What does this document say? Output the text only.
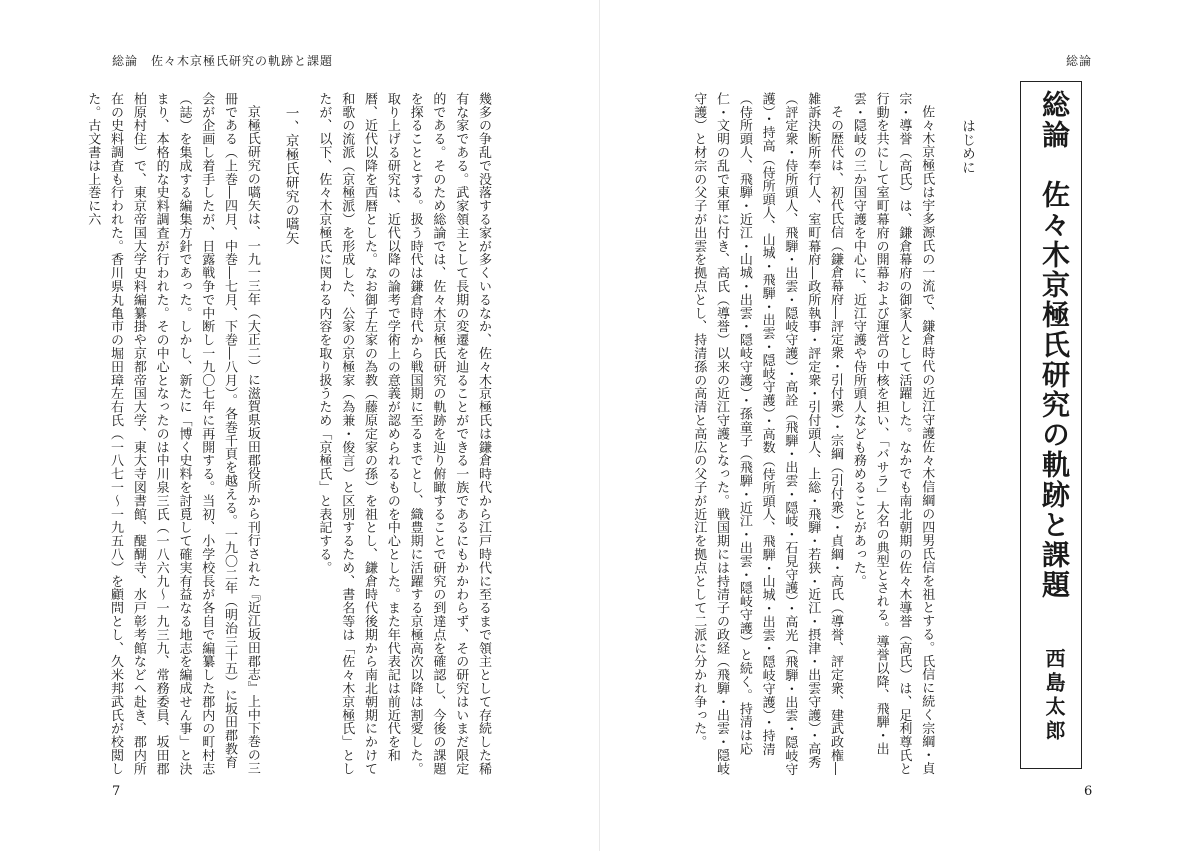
総論　佐々木京極氏研究の軌跡と課題
7
総論
6

はじめに

佐々木京極氏は宇多源氏の一流で、鎌倉時代の近江守護佐々木信綱の四男氏信を祖とする。氏信に続く宗綱・貞宗・導誉（高氏）は、鎌倉幕府の御家人として活躍した。なかでも南北朝期の佐々木導誉（高氏）は、足利尊氏と行動を共にして室町幕府の開幕および運営の中核を担い、「バサラ」大名の典型とされる。導誉以降、飛騨・出雲・隠岐の三か国守護を中心に、近江守護や侍所頭人なども務めることがあった。

その歴代は、初代氏信（鎌倉幕府―評定衆・引付衆）・宗綱（引付衆）・貞綱・高氏（導誉、評定衆、建武政権―雑訴決断所奉行人、室町幕府―政所執事・評定衆・引付頭人、上総・飛騨・若狭・近江・摂津・出雲守護）・高秀（評定衆・侍所頭人、飛騨・出雲・隠岐守護）・高詮（飛騨・出雲・隠岐・石見守護）・高光（飛騨・出雲・隠岐守護）・持高（侍所頭人、山城・飛騨・出雲・隠岐守護）・高数（侍所頭人、飛騨・山城・出雲・隠岐守護）・持清（侍所頭人、飛騨・近江・山城・出雲・隠岐守護）・孫童子（飛騨・近江・出雲・隠岐守護）と続く。持清は応仁・文明の乱で東軍に付き、高氏（導誉）以来の近江守護となった。戦国期には持清子の政経（飛騨・出雲・隠岐守護）と材宗の父子が出雲を拠点とし、持清孫の高清と高広の父子が近江を拠点として二派に分かれ争った。	総論　佐々木京極氏研究の軌跡と課題
西島太郎

幾多の争乱で没落する家が多くいるなか、佐々木京極氏は鎌倉時代から江戸時代に至るまで領主として存続した稀有な家である。武家領主として長期の変遷を辿ることができる一族であるにもかかわらず、その研究はいまだ限定的である。そのため総論では、佐々木京極氏研究の軌跡を辿り俯瞰することで研究の到達点を確認し、今後の課題を探ることとする。扱う時代は鎌倉時代から戦国期に至るまでとし、織豊期に活躍する京極高次以降は割愛した。取り上げる研究は、近代以降の論考で学術上の意義が認められるものを中心とした。また年代表記は前近代を和暦、近代以降を西暦とした。なお御子左家の為教（藤原定家の孫）を祖とし、鎌倉時代後期から南北朝期にかけて和歌の流派（京極派）を形成した、公家の京極家（為兼・俊言）と区別するため、書名等は「佐々木京極氏」としたが、以下、佐々木京極氏に関わる内容を取り扱うため「京極氏」と表記する。

一、京極氏研究の嚆矢

京極氏研究の嚆矢は、一九一三年（大正二）に滋賀県坂田郡役所から刊行された『近江坂田郡志』上中下巻の三冊である（上巻―四月、中巻―七月、下巻―八月）。各巻千頁を越える。一九〇二年（明治三十五）に坂田郡教育会が企画し着手したが、日露戦争で中断し一九〇七年に再開する。当初、小学校長が各自で編纂した郡内の町村志（誌）を集成する編集方針であった。しかし、新たに「博く史料を討覓して確実有益なる地志を編成せん事」と決まり、本格的な史料調査が行われた。その中心となったのは中川泉三氏（一八六九～一九三九、常務委員、坂田郡柏原村住）で、東京帝国大学史料編纂掛や京都帝国大学、東大寺図書館、醍醐寺、水戸彰考館などへ赴き、郡内所在の史料調査も行われた。香川県丸亀市の堀田璋左右氏（一八七一～一九五八）を顧問とし、久米邦武氏が校閲した。古文書は上巻に六
